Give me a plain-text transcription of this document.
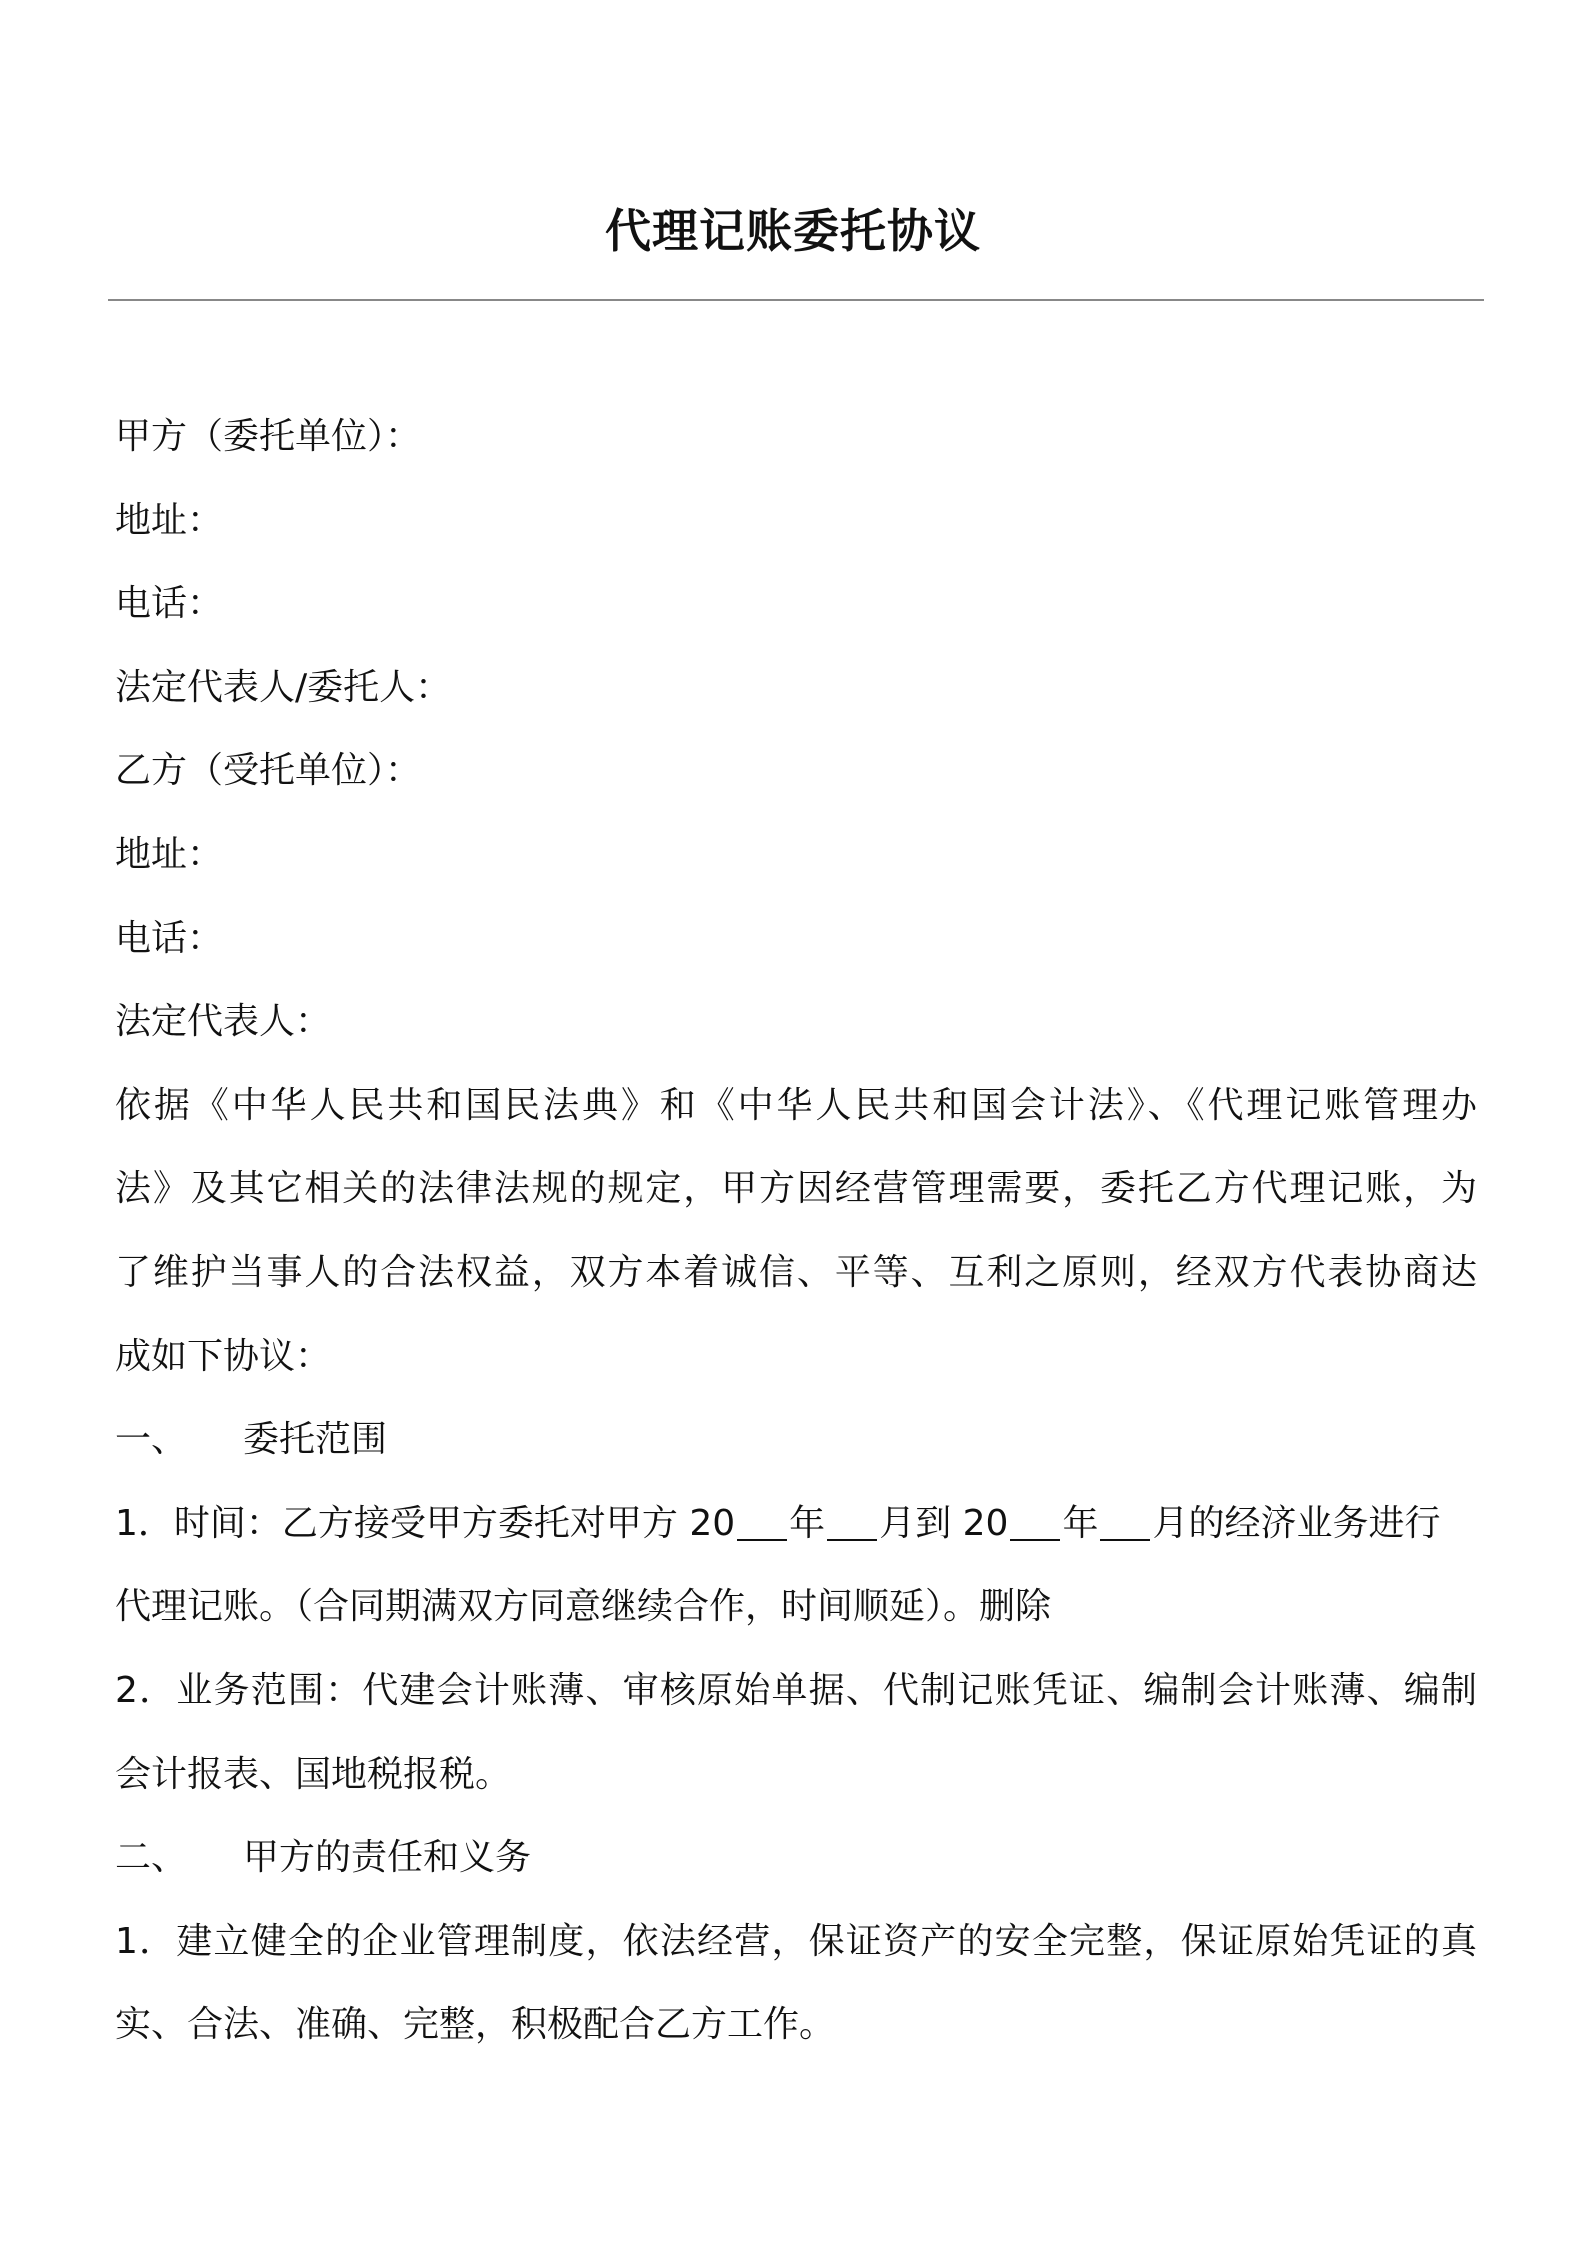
代理记账委托协议
甲方（委托单位）：
地址：
电话：
法定代表人/委托人：
乙方（受托单位）：
地址：
电话：
法定代表人：
依据《中华人民共和国民法典》和《中华人民共和国会计法》、《代理记账管理办
法》及其它相关的法律法规的规定，甲方因经营管理需要，委托乙方代理记账，为
了维护当事人的合法权益，双方本着诚信、平等、互利之原则，经双方代表协商达
成如下协议：
一、 委托范围
1．时间：乙方接受甲方委托对甲方 20 年 月到 20 年 月的经济业务进行
代理记账。（合同期满双方同意继续合作，时间顺延）。删除
2．业务范围：代建会计账薄、审核原始单据、代制记账凭证、编制会计账薄、编制
会计报表、国地税报税。
二、 甲方的责任和义务
1．建立健全的企业管理制度，依法经营，保证资产的安全完整，保证原始凭证的真
实、合法、准确、完整，积极配合乙方工作。
